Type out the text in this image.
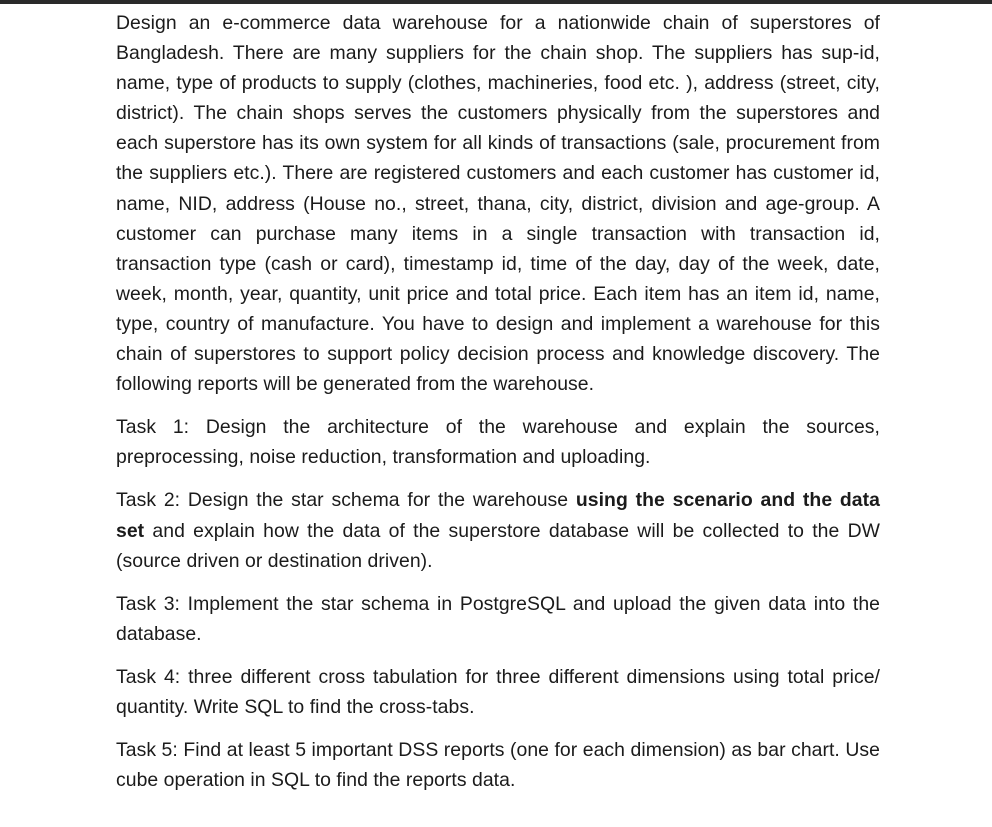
Design an e-commerce data warehouse for a nationwide chain of superstores of Bangladesh. There are many suppliers for the chain shop. The suppliers has sup-id, name, type of products to supply (clothes, machineries, food etc. ), address (street, city, district). The chain shops serves the customers physically from the superstores and each superstore has its own system for all kinds of transactions (sale, procurement from the suppliers etc.). There are registered customers and each customer has customer id, name, NID, address (House no., street, thana, city, district, division and age-group. A customer can purchase many items in a single transaction with transaction id, transaction type (cash or card), timestamp id, time of the day, day of the week, date, week, month, year, quantity, unit price and total price. Each item has an item id, name, type, country of manufacture. You have to design and implement a warehouse for this chain of superstores to support policy decision process and knowledge discovery. The following reports will be generated from the warehouse.

Task 1: Design the architecture of the warehouse and explain the sources, preprocessing, noise reduction, transformation and uploading.

Task 2: Design the star schema for the warehouse using the scenario and the data set and explain how the data of the superstore database will be collected to the DW (source driven or destination driven).

Task 3: Implement the star schema in PostgreSQL and upload the given data into the database.

Task 4: three different cross tabulation for three different dimensions using total price/ quantity. Write SQL to find the cross-tabs.

Task 5: Find at least 5 important DSS reports (one for each dimension) as bar chart. Use cube operation in SQL to find the reports data.
